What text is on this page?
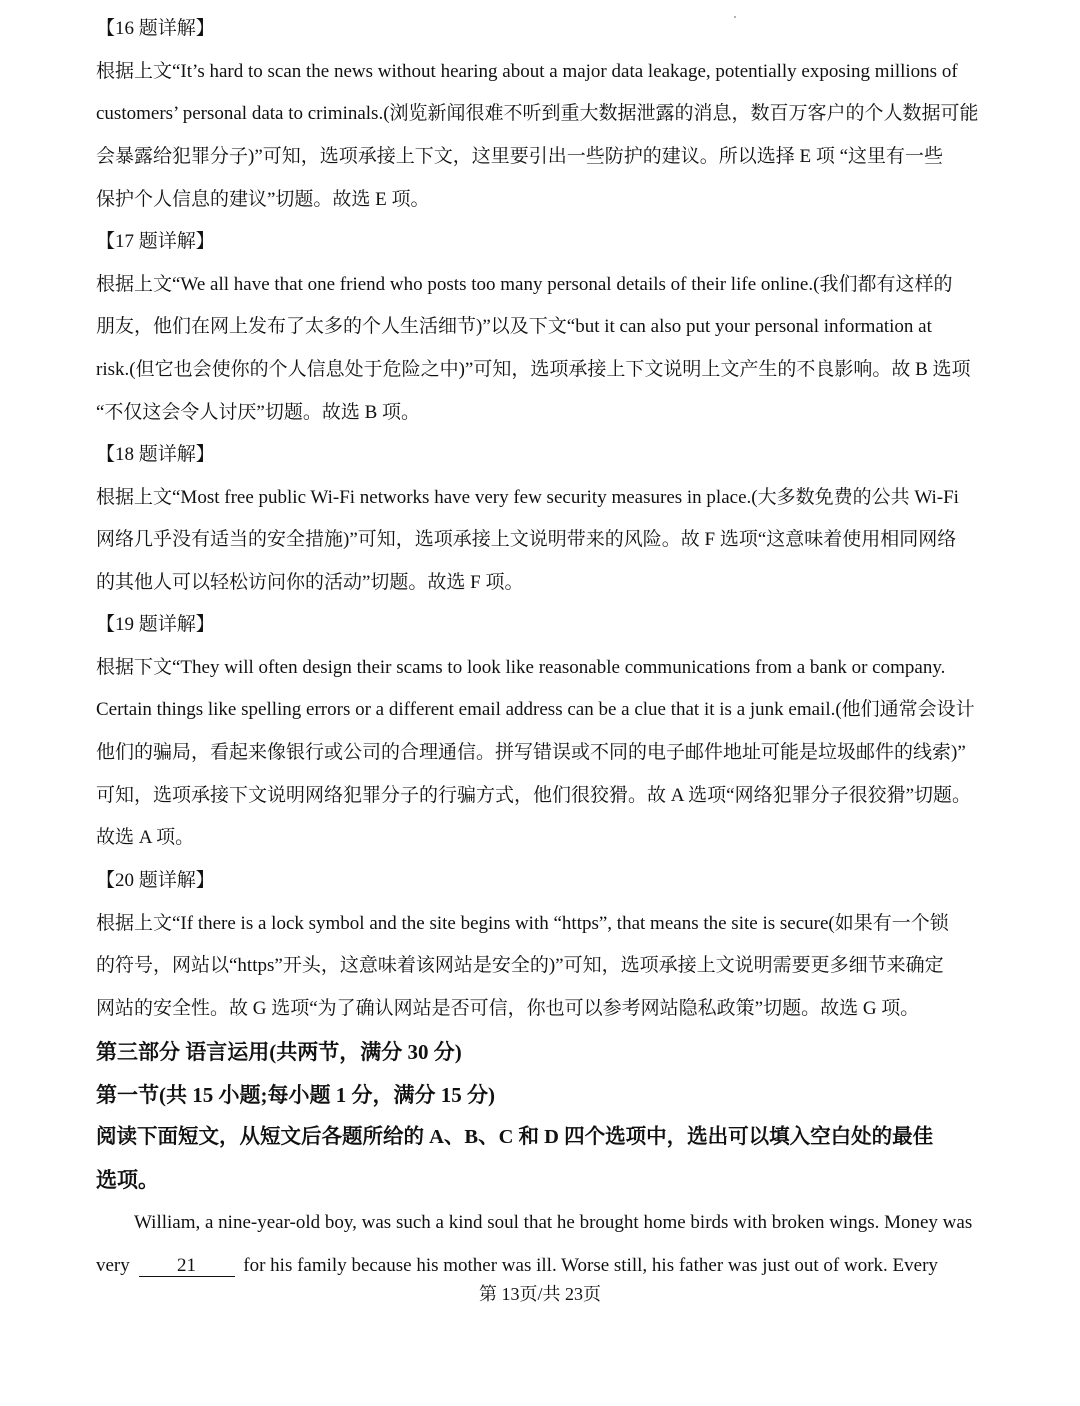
【16 题详解】
根据上文“It’s hard to scan the news without hearing about a major data leakage, potentially exposing millions of
customers’ personal data to criminals.(浏览新闻很难不听到重大数据泄露的消息，数百万客户的个人数据可能
会暴露给犯罪分子)”可知，选项承接上下文，这里要引出一些防护的建议。所以选择 E 项 “这里有一些
保护个人信息的建议”切题。故选 E 项。
【17 题详解】
根据上文“We all have that one friend who posts too many personal details of their life online.(我们都有这样的
朋友，他们在网上发布了太多的个人生活细节)”以及下文“but it can also put your personal information at
risk.(但它也会使你的个人信息处于危险之中)”可知，选项承接上下文说明上文产生的不良影响。故 B 选项
“不仅这会令人讨厌”切题。故选 B 项。
【18 题详解】
根据上文“Most free public Wi-Fi networks have very few security measures in place.(大多数免费的公共 Wi-Fi
网络几乎没有适当的安全措施)”可知，选项承接上文说明带来的风险。故 F 选项“这意味着使用相同网络
的其他人可以轻松访问你的活动”切题。故选 F 项。
【19 题详解】
根据下文“They will often design their scams to look like reasonable communications from a bank or company.
Certain things like spelling errors or a different email address can be a clue that it is a junk email.(他们通常会设计
他们的骗局，看起来像银行或公司的合理通信。拼写错误或不同的电子邮件地址可能是垃圾邮件的线索)”
可知，选项承接下文说明网络犯罪分子的行骗方式，他们很狡猾。故 A 选项“网络犯罪分子很狡猾”切题。
故选 A 项。
【20 题详解】
根据上文“If there is a lock symbol and the site begins with “https”, that means the site is secure(如果有一个锁
的符号，网站以“https”开头，这意味着该网站是安全的)”可知，选项承接上文说明需要更多细节来确定
网站的安全性。故 G 选项“为了确认网站是否可信，你也可以参考网站隐私政策”切题。故选 G 项。
第三部分 语言运用(共两节，满分 30 分)
第一节(共 15 小题;每小题 1 分，满分 15 分)
阅读下面短文，从短文后各题所给的 A、B、C 和 D 四个选项中，选出可以填入空白处的最佳
选项。
William, a nine-year-old boy, was such a kind soul that he brought home birds with broken wings. Money was
very 21 for his family because his mother was ill. Worse still, his father was just out of work. Every
第 13页/共 23页
